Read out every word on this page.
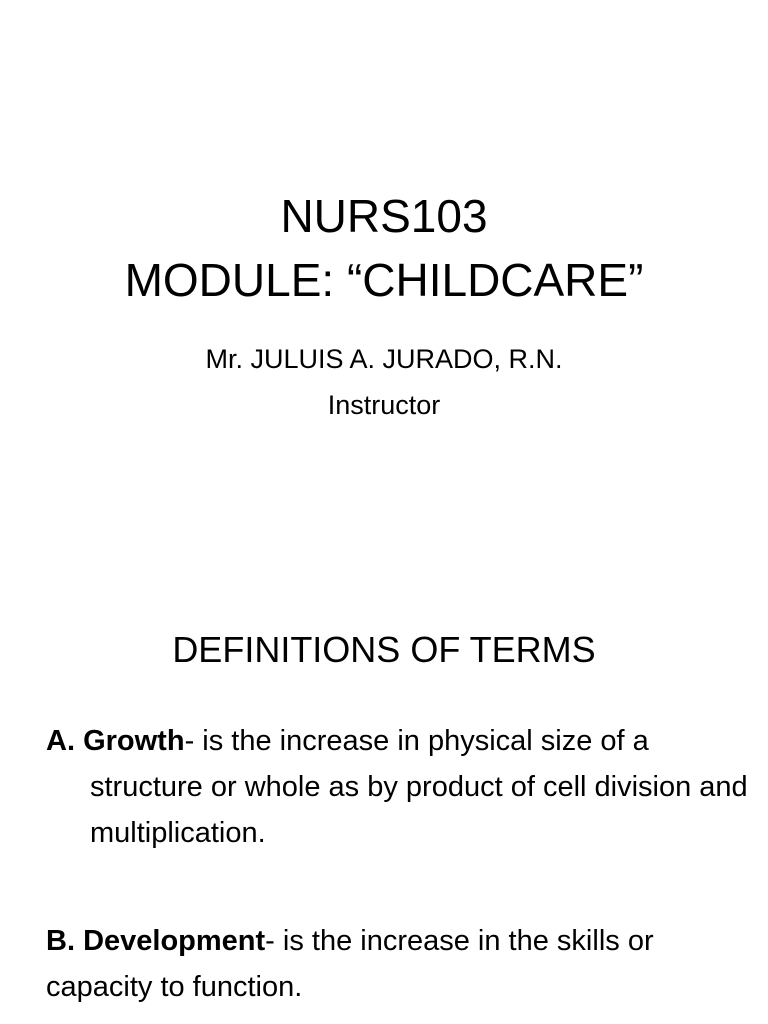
NURS103
MODULE: “CHILDCARE”
Mr. JULUIS A. JURADO, R.N.
Instructor
DEFINITIONS OF TERMS
A. Growth- is the increase in physical size of a structure or whole as by product of cell division and multiplication.
B. Development- is the increase in the skills or capacity to function.
